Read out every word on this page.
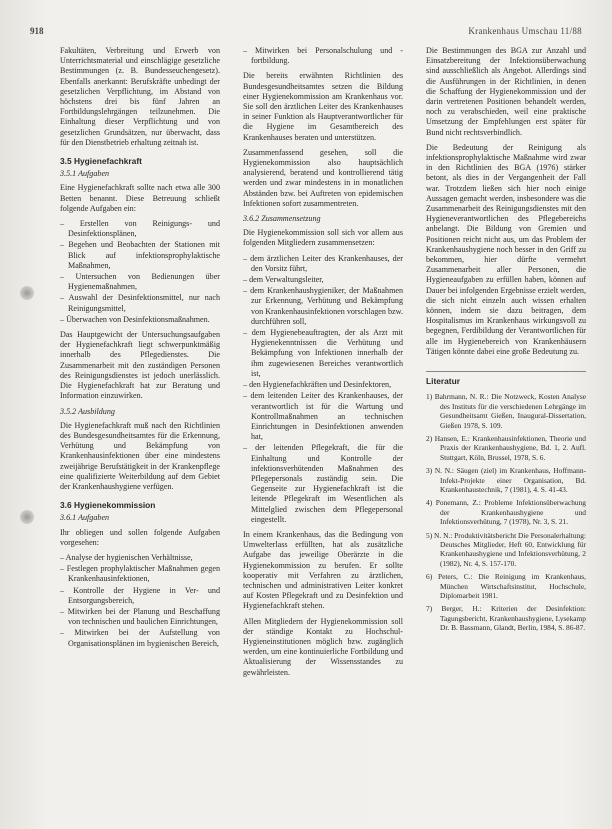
918	Krankenhaus Umschau 11/88

Fakultäten, Verbreitung und Erwerb von Unterrichtsmaterial und einschlägige gesetzliche Bestimmungen (z. B. Bundesseuchengesetz). Ebenfalls anerkannt: Berufskräfte unbedingt der gesetzlichen Verpflichtung, im Abstand von höchstens drei bis fünf Jahren an Fortbildungslehrgängen teilzunehmen. Die Einhaltung dieser Verpflichtung und von gesetzlichen Grundsätzen, nur überwacht, dass für den Dienstbetrieb erhaltung zeitnah ist.

3.5 Hygienefachkraft
3.5.1 Aufgaben

Eine Hygienefachkraft sollte nach etwa alle 300 Betten benannt. Diese Betreuung schließt folgende Aufgaben ein:

– Erstellen von Reinigungs- und Desinfektionsplänen,
– Begehen und Beobachten der Stationen mit Blick auf infektionsprophylaktische Maßnahmen,
– Untersuchen von Bedienungen über Hygienemaßnahmen,
– Auswahl der Desinfektionsmittel, nur nach Reinigungsmittel,
– Überwachen von Desinfektionsmaßnahmen.

Das Hauptgewicht der Untersuchungsaufgaben der Hygienefachkraft liegt schwerpunktmäßig innerhalb des Pflegedienstes. Die Zusammenarbeit mit den zuständigen Personen des Reinigungsdienstes ist jedoch unerlässlich. Die Hygienefachkraft hat zur Beratung und Information einzuwirken.

3.5.2 Ausbildung

Die Hygienefachkraft muß nach den Richtlinien des Bundesgesundheitsamtes für die Erkennung, Verhütung und Bekämpfung von Krankenhausinfektionen über eine mindestens zweijährige Berufstätigkeit in der Krankenpflege eine qualifizierte Weiterbildung auf dem Gebiet der Krankenhaushygiene verfügen.

3.6 Hygienekommission
3.6.1 Aufgaben

Ihr obliegen und sollen folgende Aufgaben vorgesehen:

– Analyse der hygienischen Verhältnisse,
– Festlegen prophylaktischer Maßnahmen gegen Krankenhausinfektionen,
– Kontrolle der Hygiene in Ver- und Entsorgungsbereich,
– Mitwirken bei der Planung und Beschaffung von technischen und baulichen Einrichtungen,
– Mitwirken bei der Aufstellung von Organisationsplänen im hygienischen Bereich,
– Mitwirken bei Personalschulung und -fortbildung.

Die bereits erwähnten Richtlinien des Bundesgesundheitsamtes setzen die Bildung einer Hygienekommission am Krankenhaus vor. Sie soll den ärztlichen Leiter des Krankenhauses in seiner Funktion als Hauptverantwortlicher für die Hygiene im Gesamtbereich des Krankenhauses beraten und unterstützen.

Zusammenfassend gesehen, soll die Hygienekommission also hauptsächlich analysierend, beratend und kontrollierend tätig werden und zwar mindestens in in monatlichen Abständen bzw. bei Auftreten von epidemischen Infektionen sofort zusammentreten.

3.6.2 Zusammensetzung

Die Hygienekommission soll sich vor allem aus folgenden Mitgliedern zusammensetzen:

– dem ärztlichen Leiter des Krankenhauses, der den Vorsitz führt,
– dem Verwaltungsleiter,
– dem Krankenhaushygieniker, der Maßnahmen zur Erkennung, Verhütung und Bekämpfung von Krankenhausinfektionen vorschlagen bzw. durchführen soll,
– dem Hygienebeauftragten, der als Arzt mit Hygienekenntnissen die Verhütung und Bekämpfung von Infektionen innerhalb der ihm zugewiesenen Bereiches verantwortlich ist,
– den Hygienefachkräften und Desinfektoren,
– dem leitenden Leiter des Krankenhauses, der verantwortlich ist für die Wartung und Kontrollmaßnahmen an technischen Einrichtungen in Desinfektionen anwenden hat,
– der leitenden Pflegekraft, die für die Einhaltung und Kontrolle der infektionsverhütenden Maßnahmen des Pflegepersonals zuständig sein. Die Gegenseite zur Hygienefachkraft ist die leitende Pflegekraft im Wesentlichen als Mittelglied zwischen dem Pflegepersonal eingestellt.

In einem Krankenhaus, das die Bedingung von Umwelterlass erfüllten, hat als zusätzliche Aufgabe das jeweilige Oberärzte in die Hygienekommission zu berufen. Er sollte kooperativ mit Verfahren zu ärztlichen, technischen und administrativen Leiter konkret auf Kosten Pflegekraft und zu Desinfektion und Hygienefachkraft stehen.

Allen Mitgliedern der Hygienekommission soll der ständige Kontakt zu Hochschul-Hygieneinstitutionen möglich bzw. zugänglich werden, um eine kontinuierliche Fortbildung und Aktualisierung der Wissensstandes zu gewährleisten.

Die Bestimmungen des BGA zur Anzahl und Einsatzbereitung der Infektionsüberwachung sind ausschließlich als Angebot. Allerdings sind die Ausführungen in der Richtlinien, in denen die Schaffung der Hygienekommission und der darin vertretenen Positionen behandelt werden, noch zu verabschieden, weil eine praktische Umsetzung der Empfehlungen erst später für Bund nicht rechtsverbindlich.

Die Bedeutung der Reinigung als infektionsprophylaktische Maßnahme wird zwar in den Richtlinien des BGA (1976) stärker betont, als dies in der Vergangenheit der Fall war. Trotzdem ließen sich hier noch einige Aussagen gemacht werden, insbesondere was die Zusammenarbeit des Reinigungsdienstes mit den Hygieneverantwortlichen des Pflegebereichs anbelangt. Die Bildung von Gremien und Positionen reicht nicht aus, um das Problem der Krankenhaushygiene noch besser in den Griff zu bekommen, hier dürfte vermehrt Zusammenarbeit aller Personen, die Hygieneaufgaben zu erfüllen haben, können auf Dauer bei infolgenden Ergebnisse erzielt werden, die sich nicht einzeln auch wissen erhalten können, indem sie dazu beitragen, dem Hospitalismus im Krankenhaus wirkungsvoll zu begegnen, Ferdibildung der Verantwortlichen für alle im Hygienebereich von Krankenhäusern Tätigen könnte dabei eine große Bedeutung zu.

Literatur
1) Bahrmann, N. R.: Die Notzweck, Kosten Analyse des Instituts für die verschiedenen Lehrgänge im Gesundheitsamt Gießen, Inaugural-Dissertation, Gießen 1978, S. 109.
2) Hansen, E.: Krankenhausinfektionen, Theorie und Praxis der Krankenhaushygiene, Bd. 1, 2. Aufl. Stuttgart, Köln, Brussel, 1978, S. 6.
3) N. N.: Säugen (ziel) im Krankenhaus, Hoffmann-Infekt-Projekte einer Organisation, Bd. Krankenhaustechnik, 7 (1981), 4. S. 41-43.
4) Ponemann, Z.: Probleme Infektionsüberwachung der Krankenhaushygiene und Infektionsverhütung, 7 (1978), Nr. 3, S. 21.
5) N. N.: Produktivitätsbericht Die Personalerhaltung: Deutsches Mitglieder, Heft 60, Entwicklung für Krankenhaushygiene und Infektionsverhütung, 2 (1982), Nr. 4, S. 157-170.
6) Peters, C.: Die Reinigung im Krankenhaus, München Wirtschaftsinstitut, Hochschule, Diplomarbeit 1981.
7) Berger, H.: Kriterien der Desinfektion: Tagungsbericht, Krankenhaushygiene, Lysekamp Dr. B. Bassmann, Glandt, Berlin, 1984, S. 86-87.
